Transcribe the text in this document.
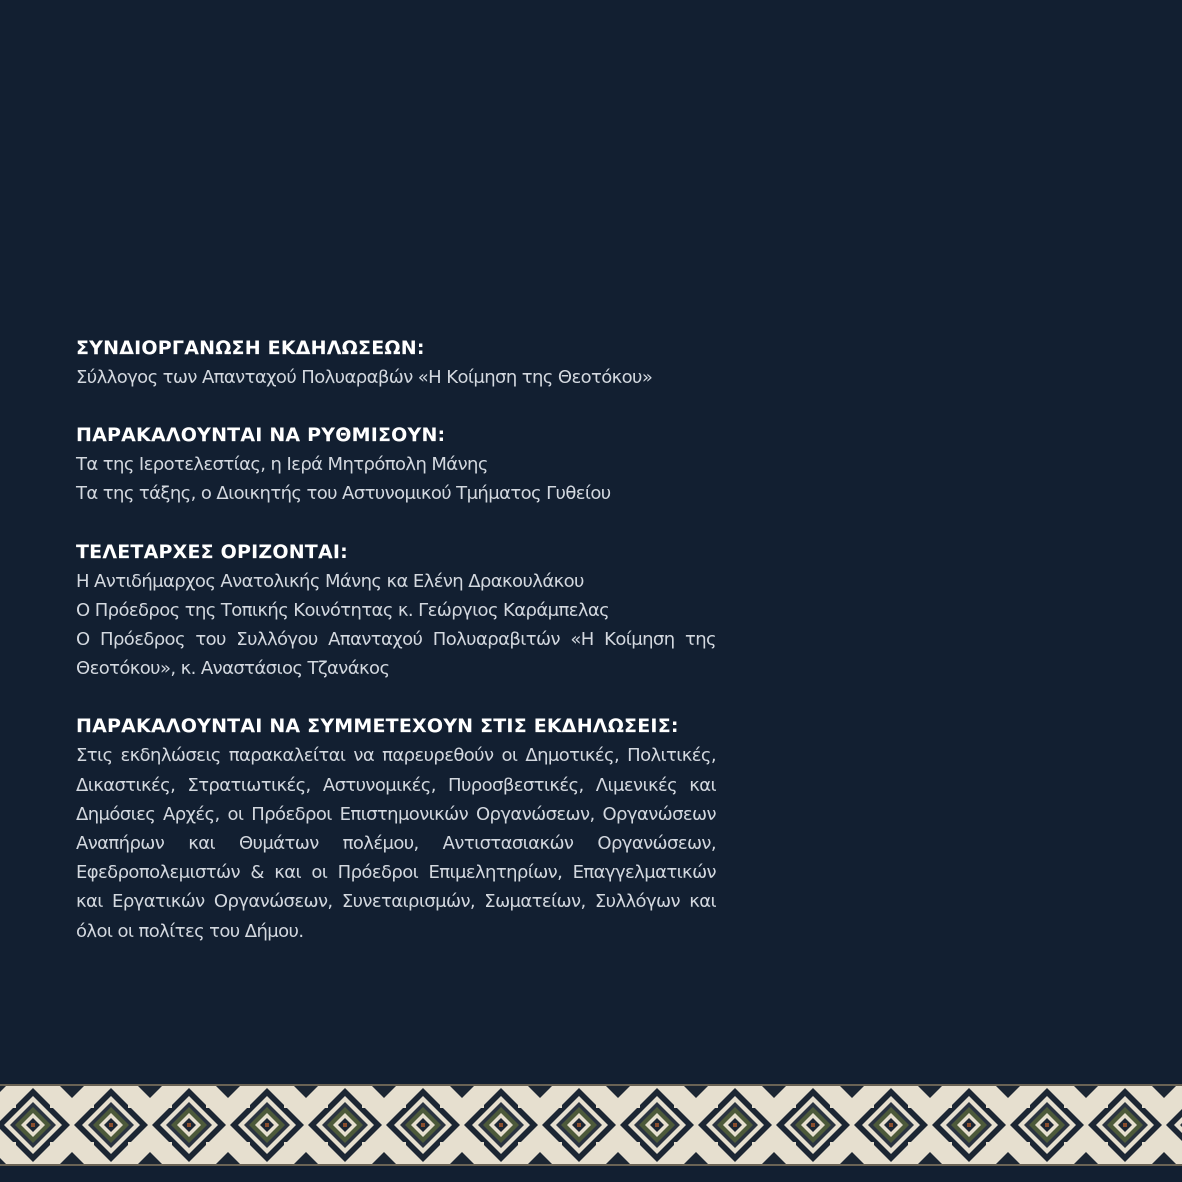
ΣΥΝΔΙΟΡΓΑΝΩΣΗ ΕΚΔΗΛΩΣΕΩΝ:

Σύλλογος των Απανταχού Πολυαραβών «Η Κοίμηση της Θεοτόκου»

ΠΑΡΑΚΑΛΟΥΝΤΑΙ ΝΑ ΡΥΘΜΙΣΟΥΝ:

Τα της Ιεροτελεστίας, η Ιερά Μητρόπολη Μάνης

Τα της τάξης, ο Διοικητής του Αστυνομικού Τμήματος Γυθείου

ΤΕΛΕΤΑΡΧΕΣ ΟΡΙΖΟΝΤΑΙ:

Η Αντιδήμαρχος Ανατολικής Μάνης κα Ελένη Δρακουλάκου

Ο Πρόεδρος της Τοπικής Κοινότητας κ. Γεώργιος Καράμπελας

Ο Πρόεδρος του Συλλόγου Απανταχού Πολυαραβιτών «Η Κοίμηση της Θεοτόκου», κ. Αναστάσιος Τζανάκος

ΠΑΡΑΚΑΛΟΥΝΤΑΙ ΝΑ ΣΥΜΜΕΤΕΧΟΥΝ ΣΤΙΣ ΕΚΔΗΛΩΣΕΙΣ:

Στις εκδηλώσεις παρακαλείται να παρευρεθούν οι Δημοτικές, Πολιτικές, Δικαστικές, Στρατιωτικές, Αστυνομικές, Πυροσβεστικές, Λιμενικές και Δημόσιες Αρχές, οι Πρόεδροι Επιστημονικών Οργανώσεων, Οργανώσεων Αναπήρων και Θυμάτων πολέμου, Αντιστασιακών Οργανώσεων, Εφεδροπολεμιστών & και οι Πρόεδροι Επιμελητηρίων, Επαγγελματικών και Εργατικών Οργανώσεων, Συνεταιρισμών, Σωματείων, Συλλόγων και όλοι οι πολίτες του Δήμου.
